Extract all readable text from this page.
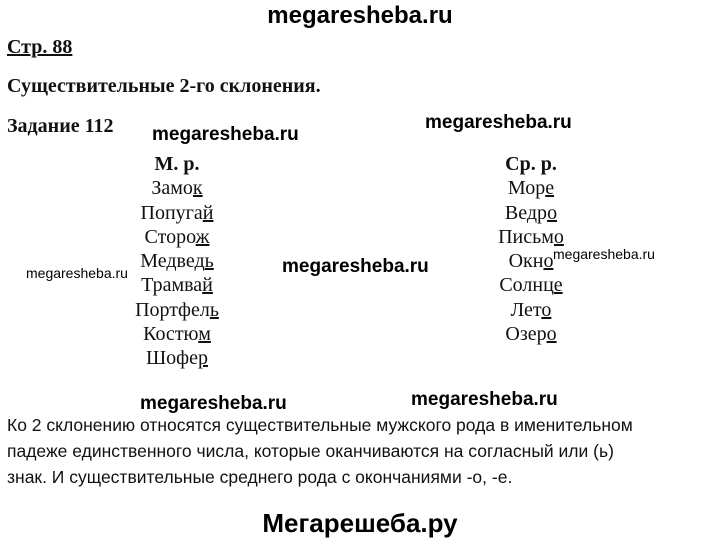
megaresheba.ru
megaresheba.ru
megaresheba.ru
megaresheba.ru
megaresheba.ru
megaresheba.ru
megaresheba.ru	megaresheba.ru
Стр. 88
Существительные 2-го склонения.
Задание 112
М. р.
Замок
Попугай
Сторож
Медведь
Трамвай
Портфель
Костюм
Шофер
Ср. р.
Море
Ведро
Письмо
Окно
Солнце
Лето
Озеро

Ко 2 склонению относятся существительные мужского рода в именительном

падеже единственного числа, которые оканчиваются на согласный или (ь)

знак. И существительные среднего рода с окончаниями -о, -е.

Мегарешеба.ру
